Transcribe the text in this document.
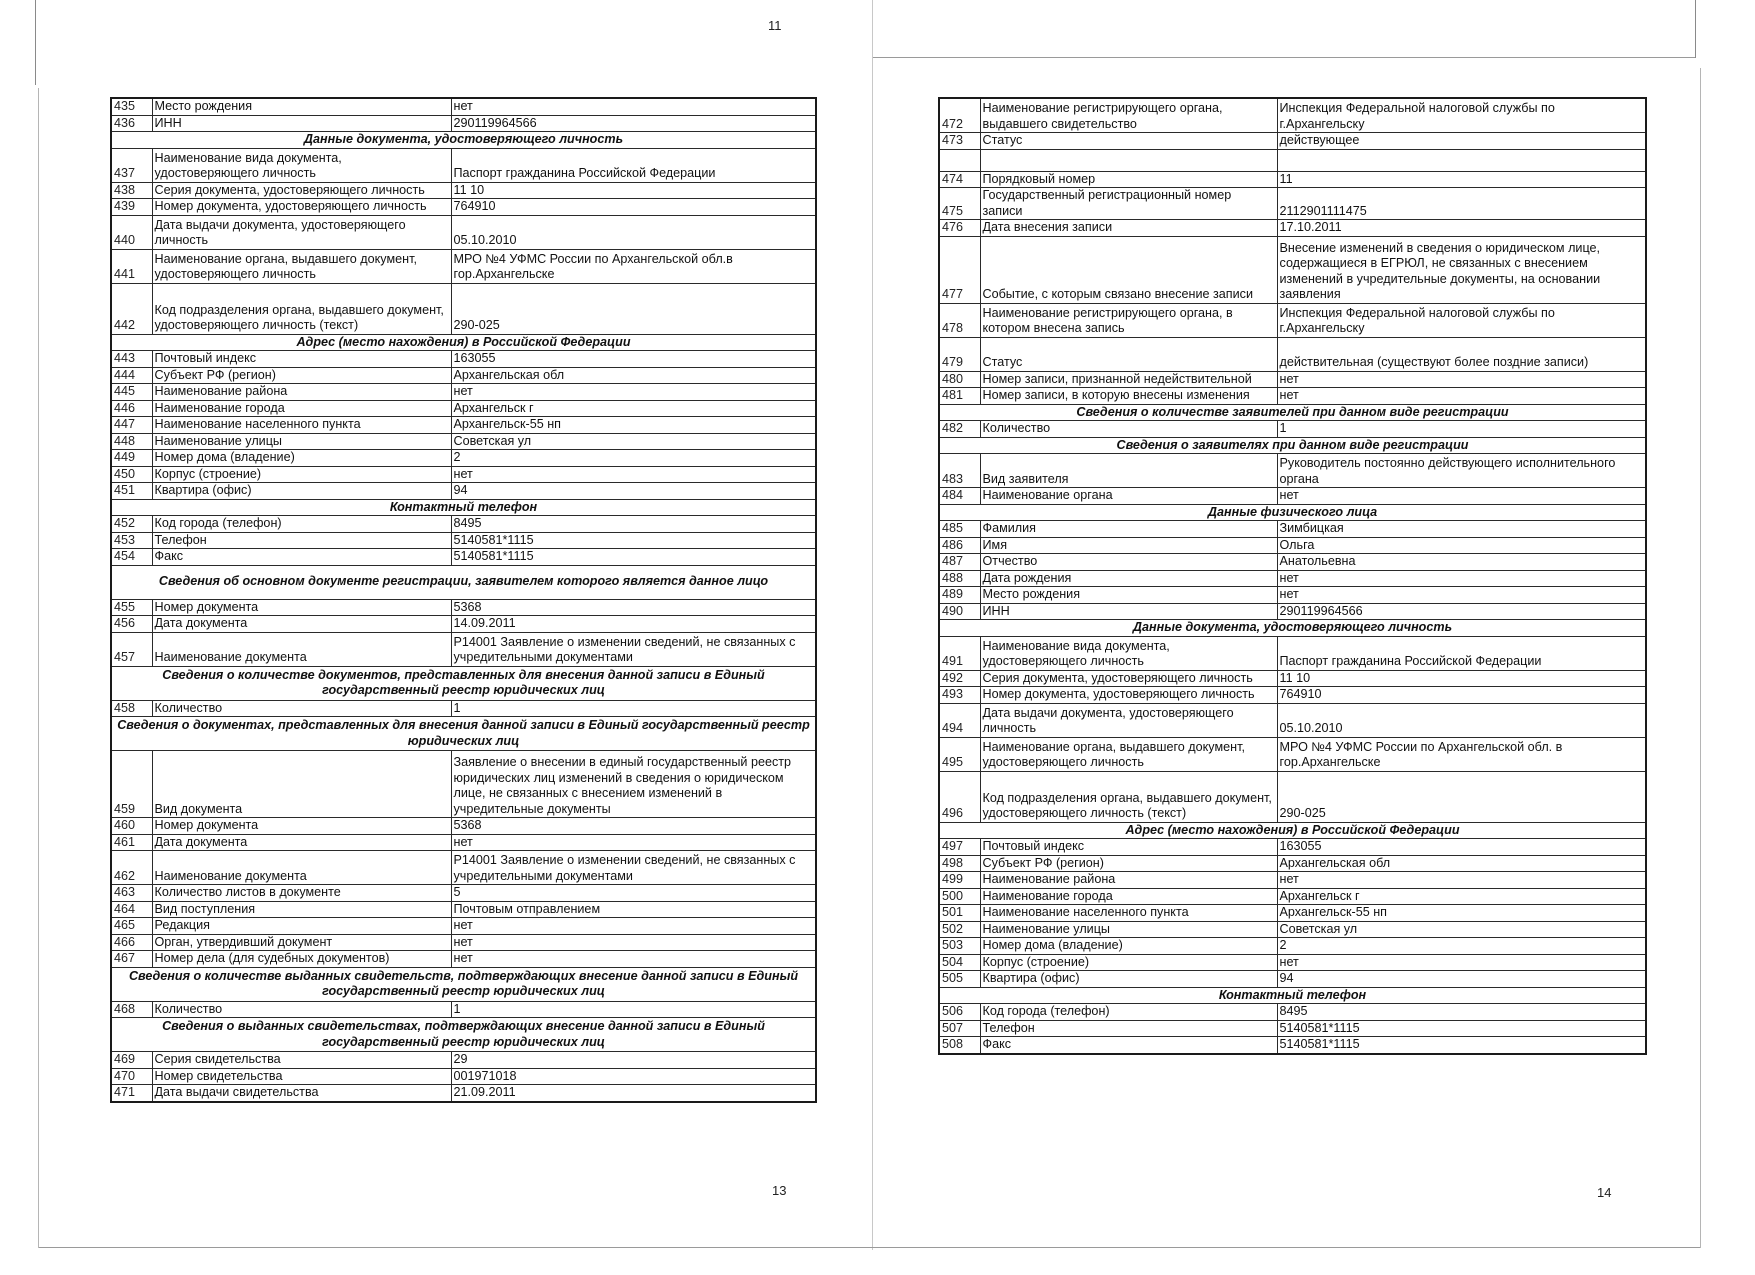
11
13	14
435	Место рождения	нет
436	ИНН	290119964566
Данные документа, удостоверяющего личность		
437	Наименование вида документа, удостоверяющего личность	Паспорт гражданина Российской Федерации
438	Серия документа, удостоверяющего личность	11 10
439	Номер документа, удостоверяющего личность	764910
440	Дата выдачи документа, удостоверяющего личность	05.10.2010
441	Наименование органа, выдавшего документ, удостоверяющего личность	МРО №4 УФМС России по Архангельской обл.в гор.Архангельске
442	Код подразделения органа, выдавшего документ, удостоверяющего личность (текст)	290-025
Адрес (место нахождения) в Российской Федерации		
443	Почтовый индекс	163055
444	Субъект РФ (регион)	Архангельская обл
445	Наименование района	нет
446	Наименование города	Архангельск г
447	Наименование населенного пункта	Архангельск-55 нп
448	Наименование улицы	Советская ул
449	Номер дома (владение)	2
450	Корпус (строение)	нет
451	Квартира (офис)	94
Контактный телефон		
452	Код города (телефон)	8495
453	Телефон	5140581*1115
454	Факс	5140581*1115
Сведения об основном документе регистрации, заявителем которого является данное лицо		
455	Номер документа	5368
456	Дата документа	14.09.2011
457	Наименование документа	Р14001 Заявление о изменении сведений, не связанных с учредительными документами
Сведения о количестве документов, представленных для внесения данной записи в Единый государственный реестр юридических лиц		
458	Количество	1
Сведения о документах, представленных для внесения данной записи в Единый государственный реестр юридических лиц		
459	Вид документа	Заявление о внесении в единый государственный реестр юридических лиц изменений в сведения о юридическом лице, не связанных с внесением изменений в учредительные документы
460	Номер документа	5368
461	Дата документа	нет
462	Наименование документа	Р14001 Заявление о изменении сведений, не связанных с учредительными документами
463	Количество листов в документе	5
464	Вид поступления	Почтовым отправлением
465	Редакция	нет
466	Орган, утвердивший документ	нет
467	Номер дела (для судебных документов)	нет
Сведения о количестве выданных свидетельств, подтверждающих внесение данной записи в Единый государственный реестр юридических лиц		
468	Количество	1
Сведения о выданных свидетельствах, подтверждающих внесение данной записи в Единый государственный реестр юридических лиц		
469	Серия свидетельства	29
470	Номер свидетельства	001971018
471	Дата выдачи свидетельства	21.09.2011
472	Наименование регистрирующего органа, выдавшего свидетельство	Инспекция Федеральной налоговой службы по г.Архангельску
473	Статус	действующее

474	Порядковый номер	11
475	Государственный регистрационный номер записи	2112901111475
476	Дата внесения записи	17.10.2011
477	Событие, с которым связано внесение записи	Внесение изменений в сведения о юридическом лице, содержащиеся в ЕГРЮЛ, не связанных с внесением изменений в учредительные документы, на основании заявления
478	Наименование регистрирующего органа, в котором внесена запись	Инспекция Федеральной налоговой службы по г.Архангельску
479	Статус	действительная (существуют более поздние записи)
480	Номер записи, признанной недействительной	нет
481	Номер записи, в которую внесены изменения	нет
Сведения о количестве заявителей при данном виде регистрации		
482	Количество	1
Сведения о заявителях при данном виде регистрации		
483	Вид заявителя	Руководитель постоянно действующего исполнительного органа
484	Наименование органа	нет
Данные физического лица		
485	Фамилия	Зимбицкая
486	Имя	Ольга
487	Отчество	Анатольевна
488	Дата рождения	нет
489	Место рождения	нет
490	ИНН	290119964566
Данные документа, удостоверяющего личность		
491	Наименование вида документа, удостоверяющего личность	Паспорт гражданина Российской Федерации
492	Серия документа, удостоверяющего личность	11 10
493	Номер документа, удостоверяющего личность	764910
494	Дата выдачи документа, удостоверяющего личность	05.10.2010
495	Наименование органа, выдавшего документ, удостоверяющего личность	МРО №4 УФМС России по Архангельской обл. в гор.Архангельске
496	Код подразделения органа, выдавшего документ, удостоверяющего личность (текст)	290-025
Адрес (место нахождения) в Российской Федерации		
497	Почтовый индекс	163055
498	Субъект РФ (регион)	Архангельская обл
499	Наименование района	нет
500	Наименование города	Архангельск г
501	Наименование населенного пункта	Архангельск-55 нп
502	Наименование улицы	Советская ул
503	Номер дома (владение)	2
504	Корпус (строение)	нет
505	Квартира (офис)	94
Контактный телефон		
506	Код города (телефон)	8495
507	Телефон	5140581*1115
508	Факс	5140581*1115
